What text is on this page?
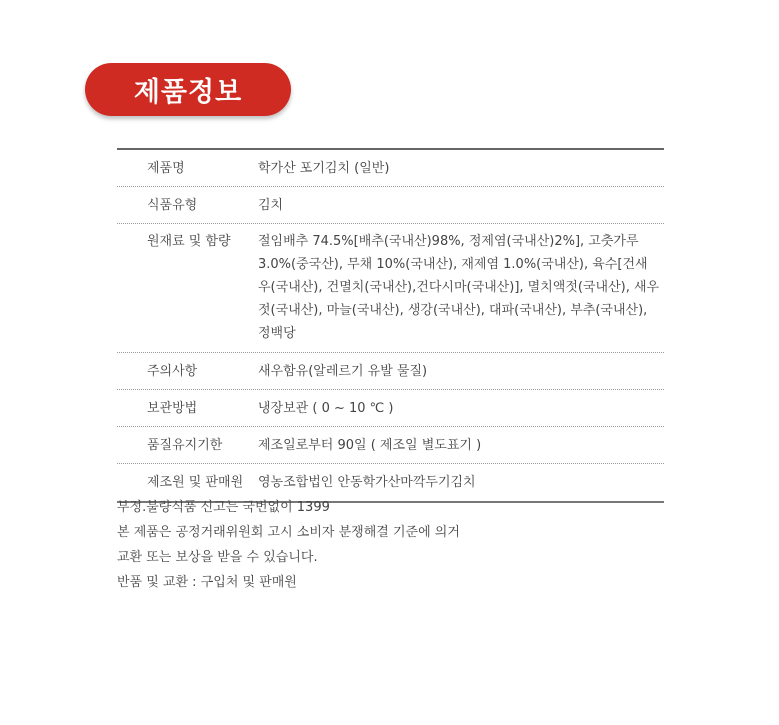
제품정보
제품명	학가산 포기김치 (일반)
식품유형	김치
원재료 및 함량	절임배추 74.5%[배추(국내산)98%, 정제염(국내산)2%], 고춧가루 3.0%(중국산), 무채 10%(국내산), 재제염 1.0%(국내산), 육수[건새우(국내산), 건멸치(국내산),건다시마(국내산)], 멸치액젓(국내산), 새우젓(국내산), 마늘(국내산), 생강(국내산), 대파(국내산), 부추(국내산), 정백당
주의사항	새우함유(알레르기 유발 물질)
보관방법	냉장보관 ( 0 ~ 10 ℃ )
품질유지기한	제조일로부터 90일 ( 제조일 별도표기 )
제조원 및 판매원	영농조합법인 안동학가산마깍두기김치
부정.불량식품 신고는 국번없이 1399
본 제품은 공정거래위원회 고시 소비자 분쟁해결 기준에 의거
교환 또는 보상을 받을 수 있습니다.
반품 및 교환 : 구입처 및 판매원
